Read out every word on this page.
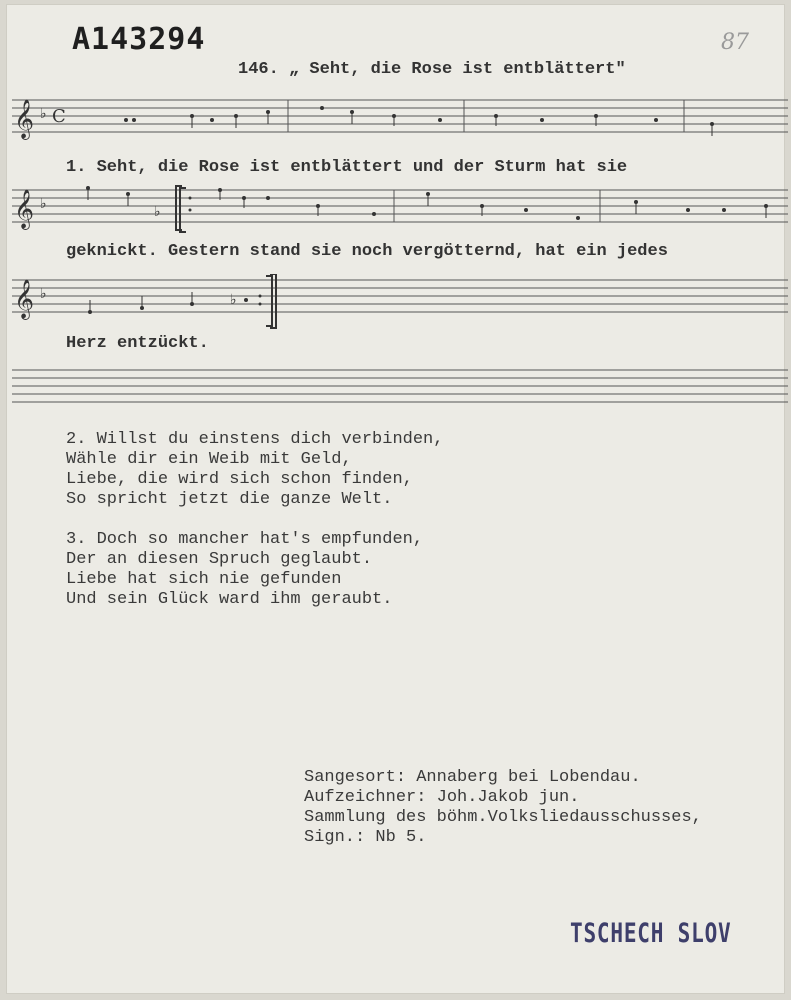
A143294	87
146. „ Seht, die Rose ist entblättert"
𝄞 ♭ C
1. Seht, die Rose ist entblättert und der Sturm hat sie
𝄞 ♭	♭
geknickt. Gestern stand sie noch vergötternd, hat ein jedes
𝄞 ♭	♭
Herz entzückt.
2. Willst du einstens dich verbinden,
Wähle dir ein Weib mit Geld,
Liebe, die wird sich schon finden,
So spricht jetzt die ganze Welt.
3. Doch so mancher hat's empfunden,
Der an diesen Spruch geglaubt.
Liebe hat sich nie gefunden
Und sein Glück ward ihm geraubt.
Sangesort: Annaberg bei Lobendau.
Aufzeichner: Joh.Jakob jun.
Sammlung des böhm.Volksliedausschusses,
Sign.: Nb 5.
TSCHECH SLOV
